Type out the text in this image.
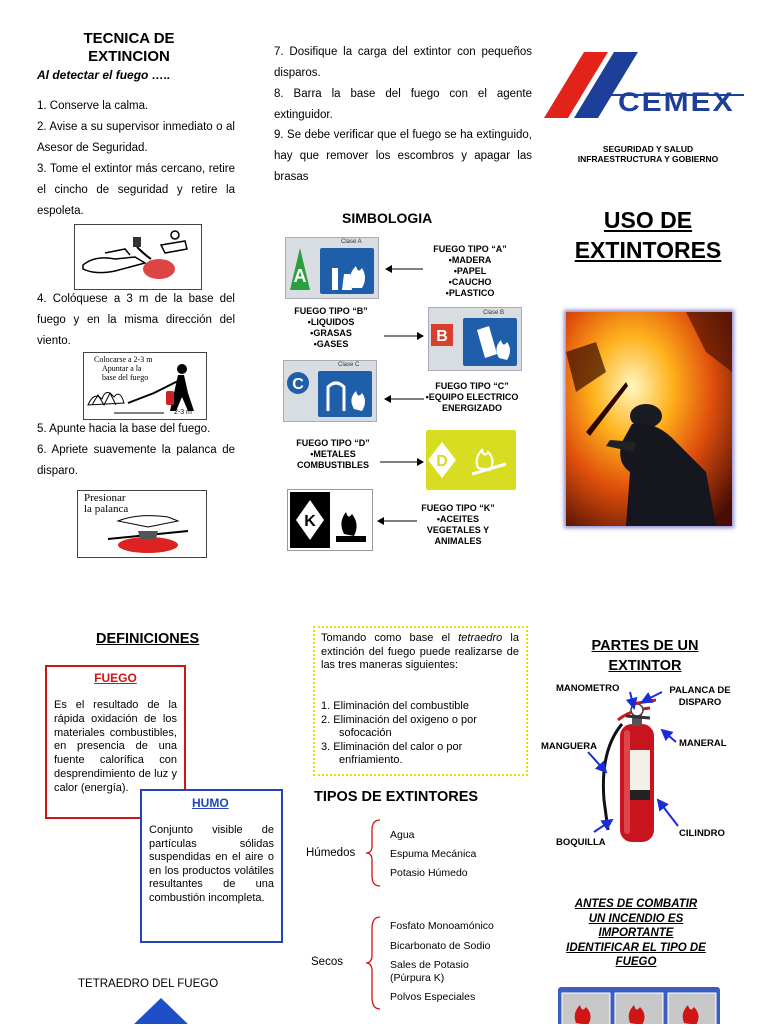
TECNICA DE
EXTINCION
Al detectar el fuego …..
1. Conserve la calma.
2. Avise a su supervisor inmediato o al Asesor de Seguridad.
3. Tome el extintor más cercano, retire el cincho de seguridad y retire la espoleta.
4. Colóquese a 3 m de la base del fuego y en la misma dirección del viento.
Colocarse a 2-3 m
Apuntar a la
base del fuego
2-3 m
5. Apunte hacia la base del fuego.
6. Apriete suavemente la palanca de disparo.
Presionar
la palanca
7. Dosifique la carga del extintor con pequeños disparos.
8. Barra la base del fuego con el agente extinguidor.
9. Se debe verificar que el fuego se ha extinguido, hay que remover los escombros y apagar las brasas
SIMBOLOGIA
Clase A
A
FUEGO TIPO “A”
•MADERA
•PAPEL
•CAUCHO
•PLASTICO
FUEGO TIPO “B”
•LIQUIDOS
•GRASAS
•GASES
Clase B
B
Clase C
C	FUEGO TIPO “C”
•EQUIPO ELECTRICO
ENERGIZADO
FUEGO TIPO “D”
•METALES
COMBUSTIBLES	D
K
FUEGO TIPO “K”
•ACEITES
VEGETALES Y
ANIMALES
CEMEX
SEGURIDAD Y SALUD
INFRAESTRUCTURA Y GOBIERNO
USO DE
EXTINTORES
DEFINICIONES
FUEGO
Es el resultado de la rápida oxidación de los materiales combustibles, en presencia de una fuente calorífica con desprendimiento de luz y calor (energía).
HUMO
Conjunto visible de partículas sólidas suspendidas en el aire o en los productos volátiles resultantes de una combustión incompleta.
TETRAEDRO DEL FUEGO
Tomando como base el tetraedro la extinción del fuego puede realizarse de las tres maneras siguientes:
1. Eliminación del combustible
2. Eliminación del oxigeno o por sofocación
3. Eliminación del calor o por enfriamiento.
TIPOS DE EXTINTORES
Húmedos
Agua
Espuma Mecánica
Potasio Húmedo
Secos
Fosfato Monoamónico
Bicarbonato de Sodio
Sales de Potasio (Púrpura K)
Polvos Especiales
PARTES DE UN
EXTINTOR
MANOMETRO	PALANCA DE
DISPARO
MANGUERA	MANERAL
CILINDRO
BOQUILLA
ANTES DE COMBATIR UN INCENDIO ES IMPORTANTE IDENTIFICAR EL TIPO DE FUEGO
